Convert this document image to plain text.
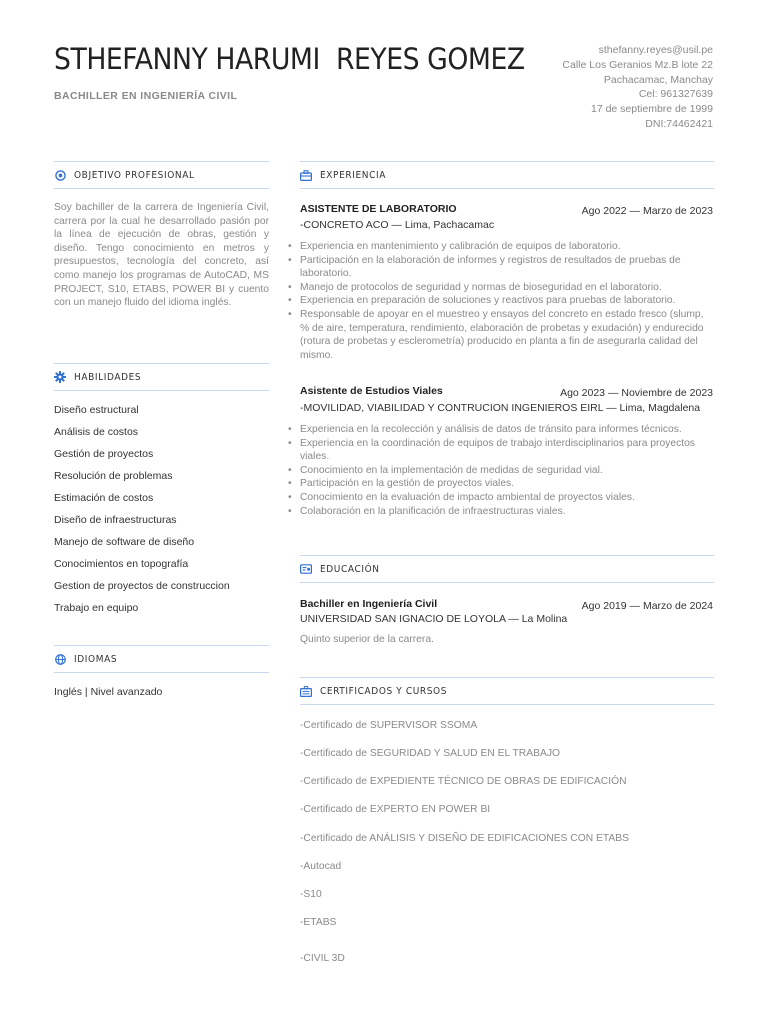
STHEFANNY HARUMI  REYES GOMEZ
BACHILLER EN INGENIERÍA CIVIL
sthefanny.reyes@usil.pe
Calle Los Geranios Mz.B lote 22
Pachacamac, Manchay
Cel: 961327639
17 de septiembre de 1999
DNI:74462421
OBJETIVO PROFESIONAL
Soy bachiller de la carrera de Ingeniería Civil, carrera por la cual he desarrollado pasión por la línea de ejecución de obras, gestión y diseño. Tengo conocimiento en metros y presupuestos, tecnología del concreto, así como manejo los programas de AutoCAD, MS PROJECT, S10, ETABS, POWER BI y cuento con un manejo fluido del idioma inglés.
HABILIDADES
Diseño estructural
Análisis de costos
Gestión de proyectos
Resolución de problemas
Estimación de costos
Diseño de infraestructuras
Manejo de software de diseño
Conocimientos en topografía
Gestion de proyectos de construccion
Trabajo en equipo
IDIOMAS
Inglés | Nivel avanzado
EXPERIENCIA
ASISTENTE DE LABORATORIO	Ago 2022 — Marzo de 2023
-CONCRETO ACO — Lima, Pachacamac
• Experiencia en mantenimiento y calibración de equipos de laboratorio.
• Participación en la elaboración de informes y registros de resultados de pruebas de laboratorio.
• Manejo de protocolos de seguridad y normas de bioseguridad en el laboratorio.
• Experiencia en preparación de soluciones y reactivos para pruebas de laboratorio.
• Responsable de apoyar en el muestreo y ensayos del concreto en estado fresco (slump, % de aire, temperatura, rendimiento, elaboración de probetas y exudación) y endurecido (rotura de probetas y esclerometría) producido en planta a fin de asegurarla calidad del mismo.
Asistente de Estudios Viales	Ago 2023 — Noviembre de 2023
-MOVILIDAD, VIABILIDAD Y CONTRUCION INGENIEROS EIRL — Lima, Magdalena
• Experiencia en la recolección y análisis de datos de tránsito para informes técnicos.
• Experiencia en la coordinación de equipos de trabajo interdisciplinarios para proyectos viales.
• Conocimiento en la implementación de medidas de seguridad vial.
• Participación en la gestión de proyectos viales.
• Conocimiento en la evaluación de impacto ambiental de proyectos viales.
• Colaboración en la planificación de infraestructuras viales.
EDUCACIÓN
Bachiller en Ingeniería Civil	Ago 2019 — Marzo de 2024
UNIVERSIDAD SAN IGNACIO DE LOYOLA — La Molina
Quinto superior de la carrera.
CERTIFICADOS Y CURSOS
-Certificado de SUPERVISOR SSOMA
-Certificado de SEGURIDAD Y SALUD EN EL TRABAJO
-Certificado de EXPEDIENTE TÉCNICO DE OBRAS DE EDIFICACIÓN
-Certificado de EXPERTO EN POWER BI
-Certificado de ANÁLISIS Y DISEÑO DE EDIFICACIONES CON ETABS
-Autocad
-S10
-ETABS
-CIVIL 3D
